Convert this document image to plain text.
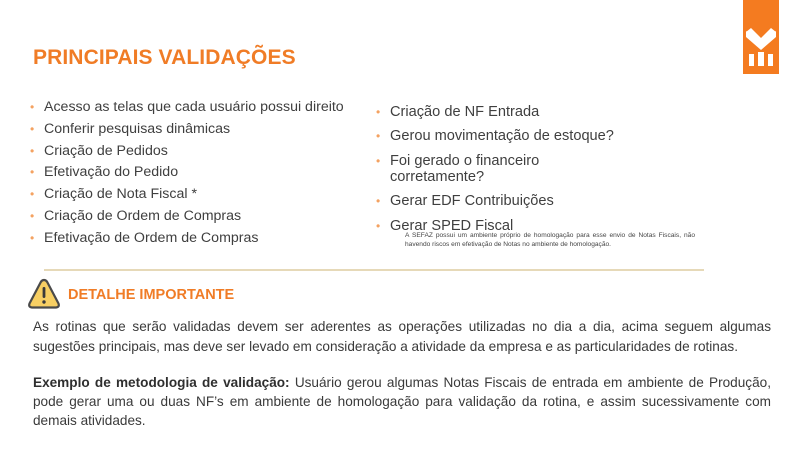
PRINCIPAIS VALIDAÇÕES
• Acesso as telas que cada usuário possui direito
• Conferir pesquisas dinâmicas
• Criação de Pedidos
• Efetivação do Pedido
• Criação de Nota Fiscal *
• Criação de Ordem de Compras
• Efetivação de Ordem de Compras
• Criação de NF Entrada
• Gerou movimentação de estoque?
• Foi gerado o financeiro corretamente?
• Gerar EDF Contribuições
• Gerar SPED Fiscal
A SEFAZ possui um ambiente próprio de homologação para esse envio de Notas Fiscais, não havendo riscos em efetivação de Notas no ambiente de homologação.
DETALHE IMPORTANTE
As rotinas que serão validadas devem ser aderentes as operações utilizadas no dia a dia, acima seguem algumas sugestões principais, mas deve ser levado em consideração a atividade da empresa e as particularidades de rotinas.
Exemplo de metodologia de validação: Usuário gerou algumas Notas Fiscais de entrada em ambiente de Produção, pode gerar uma ou duas NF’s em ambiente de homologação para validação da rotina, e assim sucessivamente com demais atividades.
